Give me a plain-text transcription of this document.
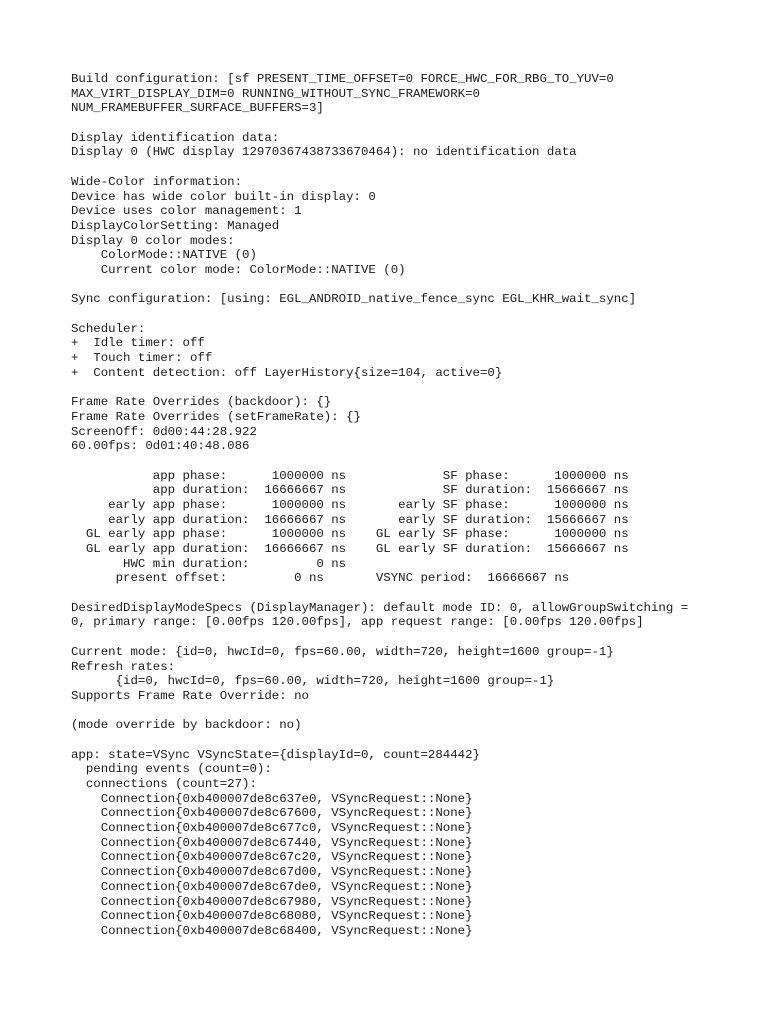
Build configuration: [sf PRESENT_TIME_OFFSET=0 FORCE_HWC_FOR_RBG_TO_YUV=0
MAX_VIRT_DISPLAY_DIM=0 RUNNING_WITHOUT_SYNC_FRAMEWORK=0
NUM_FRAMEBUFFER_SURFACE_BUFFERS=3]
Display identification data:
Display 0 (HWC display 12970367438733670464): no identification data
Wide-Color information:
Device has wide color built-in display: 0
Device uses color management: 1
DisplayColorSetting: Managed
Display 0 color modes:
ColorMode::NATIVE (0)
Current color mode: ColorMode::NATIVE (0)
Sync configuration: [using: EGL_ANDROID_native_fence_sync EGL_KHR_wait_sync]
Scheduler:
+  Idle timer: off
+  Touch timer: off
+  Content detection: off LayerHistory{size=104, active=0}
Frame Rate Overrides (backdoor): {}
Frame Rate Overrides (setFrameRate): {}
ScreenOff: 0d00:44:28.922
60.00fps: 0d01:40:48.086
app phase:      1000000 ns             SF phase:      1000000 ns
app duration:  16666667 ns             SF duration:  15666667 ns
early app phase:      1000000 ns       early SF phase:      1000000 ns
early app duration:  16666667 ns       early SF duration:  15666667 ns
GL early app phase:      1000000 ns    GL early SF phase:      1000000 ns
GL early app duration:  16666667 ns    GL early SF duration:  15666667 ns
HWC min duration:         0 ns
present offset:         0 ns       VSYNC period:  16666667 ns
DesiredDisplayModeSpecs (DisplayManager): default mode ID: 0, allowGroupSwitching =
0, primary range: [0.00fps 120.00fps], app request range: [0.00fps 120.00fps]
Current mode: {id=0, hwcId=0, fps=60.00, width=720, height=1600 group=-1}
Refresh rates:
{id=0, hwcId=0, fps=60.00, width=720, height=1600 group=-1}
Supports Frame Rate Override: no
(mode override by backdoor: no)
app: state=VSync VSyncState={displayId=0, count=284442}
pending events (count=0):
connections (count=27):
Connection{0xb400007de8c637e0, VSyncRequest::None}
Connection{0xb400007de8c67600, VSyncRequest::None}
Connection{0xb400007de8c677c0, VSyncRequest::None}
Connection{0xb400007de8c67440, VSyncRequest::None}
Connection{0xb400007de8c67c20, VSyncRequest::None}
Connection{0xb400007de8c67d00, VSyncRequest::None}
Connection{0xb400007de8c67de0, VSyncRequest::None}
Connection{0xb400007de8c67980, VSyncRequest::None}
Connection{0xb400007de8c68080, VSyncRequest::None}
Connection{0xb400007de8c68400, VSyncRequest::None}
